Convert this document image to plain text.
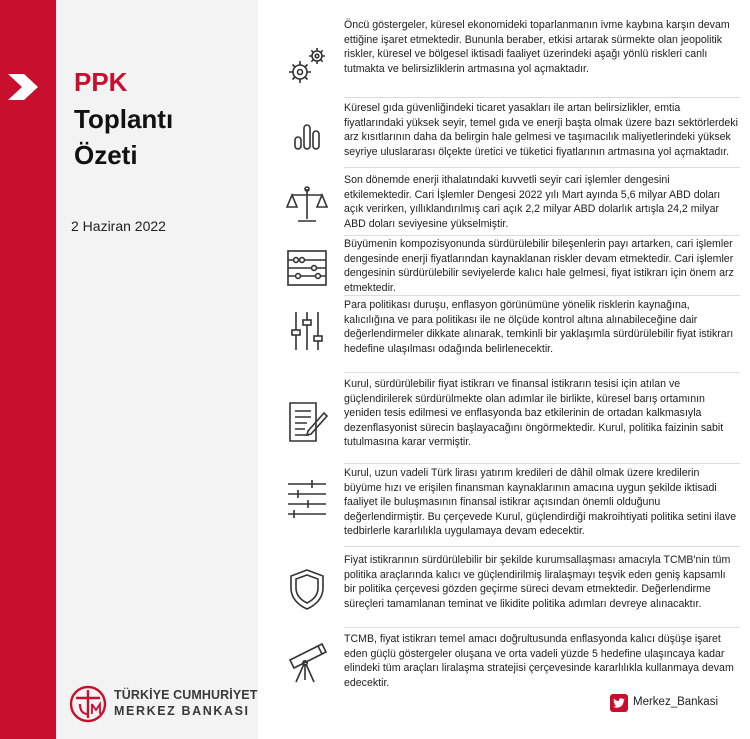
PPK
Toplantı
Özeti
2 Haziran 2022
TÜRKİYE CUMHURİYET
MERKEZ BANKASI
Öncü göstergeler, küresel ekonomideki toparlanmanın ivme kaybına karşın devam ettiğine işaret etmektedir. Bununla beraber, etkisi artarak sürmekte olan jeopolitik riskler, küresel ve bölgesel iktisadi faaliyet üzerindeki aşağı yönlü riskleri canlı tutmakta ve belirsizliklerin artmasına yol açmaktadır.
Küresel gıda güvenliğindeki ticaret yasakları ile artan belirsizlikler, emtia fiyatlarındaki yüksek seyir, temel gıda ve enerji başta olmak üzere bazı sektörlerdeki arz kısıtlarının daha da belirgin hale gelmesi ve taşımacılık maliyetlerindeki yüksek seyriye uluslararası ölçekte üretici ve tüketici fiyatlarının artmasına yol açmaktadır.
Son dönemde enerji ithalatındaki kuvvetli seyir cari işlemler dengesini etkilemektedir. Cari İşlemler Dengesi 2022 yılı Mart ayında 5,6 milyar ABD doları açık verirken, yıllıklandırılmış cari açık 2,2 milyar ABD dolarlık artışla 24,2 milyar ABD doları seviyesine yükselmiştir.
Büyümenin kompozisyonunda sürdürülebilir bileşenlerin payı artarken, cari işlemler dengesinde enerji fiyatlarından kaynaklanan riskler devam etmektedir. Cari işlemler dengesinin sürdürülebilir seviyelerde kalıcı hale gelmesi, fiyat istikrarı için önem arz etmektedir.
Para politikası duruşu, enflasyon görünümüne yönelik risklerin kaynağına, kalıcılığına ve para politikası ile ne ölçüde kontrol altına alınabileceğine dair değerlendirmeler dikkate alınarak, temkinli bir yaklaşımla sürdürülebilir fiyat istikrarı hedefine ulaşılması odağında belirlenecektir.
Kurul, sürdürülebilir fiyat istikrarı ve finansal istikrarın tesisi için atılan ve güçlendirilerek sürdürülmekte olan adımlar ile birlikte, küresel barış ortamının yeniden tesis edilmesi ve enflasyonda baz etkilerinin de ortadan kalkmasıyla dezenflasyonist sürecin başlayacağını öngörmektedir. Kurul, politika faizinin sabit tutulmasına karar vermiştir.
Kurul, uzun vadeli Türk lirası yatırım kredileri de dâhil olmak üzere kredilerin büyüme hızı ve erişilen finansman kaynaklarının amacına uygun şekilde iktisadi faaliyet ile buluşmasının finansal istikrar açısından önemli olduğunu değerlendirmiştir. Bu çerçevede Kurul, güçlendirdiği makroihtiyati politika setini ilave tedbirlerle kararlılıkla uygulamaya devam edecektir.
Fiyat istikrarının sürdürülebilir bir şekilde kurumsallaşması amacıyla TCMB'nin tüm politika araçlarında kalıcı ve güçlendirilmiş liralaşmayı teşvik eden geniş kapsamlı bir politika çerçevesi gözden geçirme süreci devam etmektedir. Değerlendirme süreçleri tamamlanan teminat ve likidite politika adımları devreye alınacaktır.
TCMB, fiyat istikrarı temel amacı doğrultusunda enflasyonda kalıcı düşüşe işaret eden güçlü göstergeler oluşana ve orta vadeli yüzde 5 hedefine ulaşıncaya kadar elindeki tüm araçları liralaşma stratejisi çerçevesinde kararlılıkla kullanmaya devam edecektir.
Merkez_Bankasi
